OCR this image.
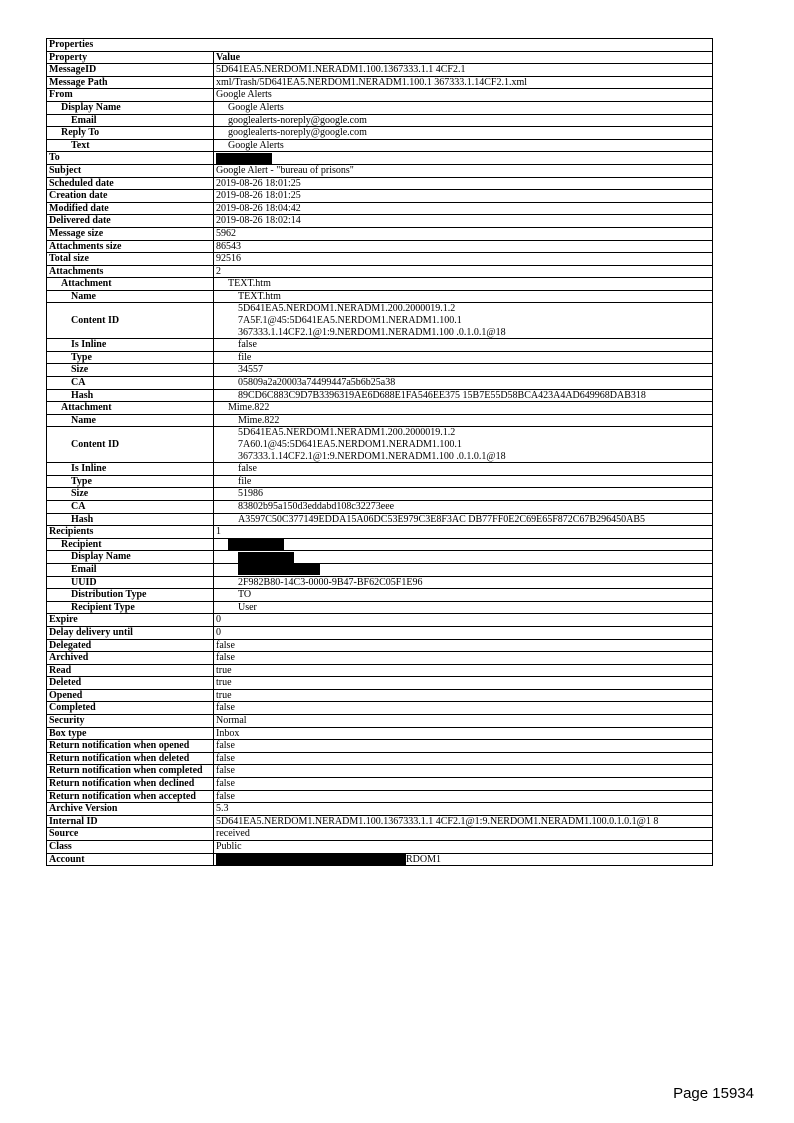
Properties	
Property	Value
MessageID	5D641EA5.NERDOM1.NERADM1.100.1367333.1.1 4CF2.1
Message Path	xml/Trash/5D641EA5.NERDOM1.NERADM1.100.1 367333.1.14CF2.1.xml
From	Google Alerts
Display Name	Google Alerts
Email	googlealerts-noreply@google.com
Reply To	googlealerts-noreply@google.com
Text	Google Alerts
To	
Subject	Google Alert - "bureau of prisons"
Scheduled date	2019-08-26 18:01:25
Creation date	2019-08-26 18:01:25
Modified date	2019-08-26 18:04:42
Delivered date	2019-08-26 18:02:14
Message size	5962
Attachments size	86543
Total size	92516
Attachments	2
Attachment	TEXT.htm
Name	TEXT.htm
Content ID	5D641EA5.NERDOM1.NERADM1.200.2000019.1.2
7A5F.1@45:5D641EA5.NERDOM1.NERADM1.100.1
367333.1.14CF2.1@1:9.NERDOM1.NERADM1.100 .0.1.0.1@18

Is Inline	false
Type	file
Size	34557
CA	05809a2a20003a74499447a5b6b25a38
Hash	89CD6C883C9D7B3396319AE6D688E1FA546EE375 15B7E55D58BCA423A4AD649968DAB318
Attachment	Mime.822
Name	Mime.822
Content ID	5D641EA5.NERDOM1.NERADM1.200.2000019.1.2
7A60.1@45:5D641EA5.NERDOM1.NERADM1.100.1
367333.1.14CF2.1@1:9.NERDOM1.NERADM1.100 .0.1.0.1@18

Is Inline	false
Type	file
Size	51986
CA	83802b95a150d3eddabd108c32273eee
Hash	A3597C50C377149EDDA15A06DC53E979C3E8F3AC DB77FF0E2C69E65F872C67B296450AB5
Recipients	1
Recipient	
Display Name	
Email	
UUID	2F982B80-14C3-0000-9B47-BF62C05F1E96
Distribution Type	TO
Recipient Type	User
Expire	0
Delay delivery until	0
Delegated	false
Archived	false
Read	true
Deleted	true
Opened	true
Completed	false
Security	Normal
Box type	Inbox
Return notification when opened	false
Return notification when deleted	false
Return notification when completed	false
Return notification when declined	false
Return notification when accepted	false
Archive Version	5.3
Internal ID	5D641EA5.NERDOM1.NERADM1.100.1367333.1.1 4CF2.1@1:9.NERDOM1.NERADM1.100.0.1.0.1@1 8
Source	received
Class	Public
Account	RDOM1
Page 15934
